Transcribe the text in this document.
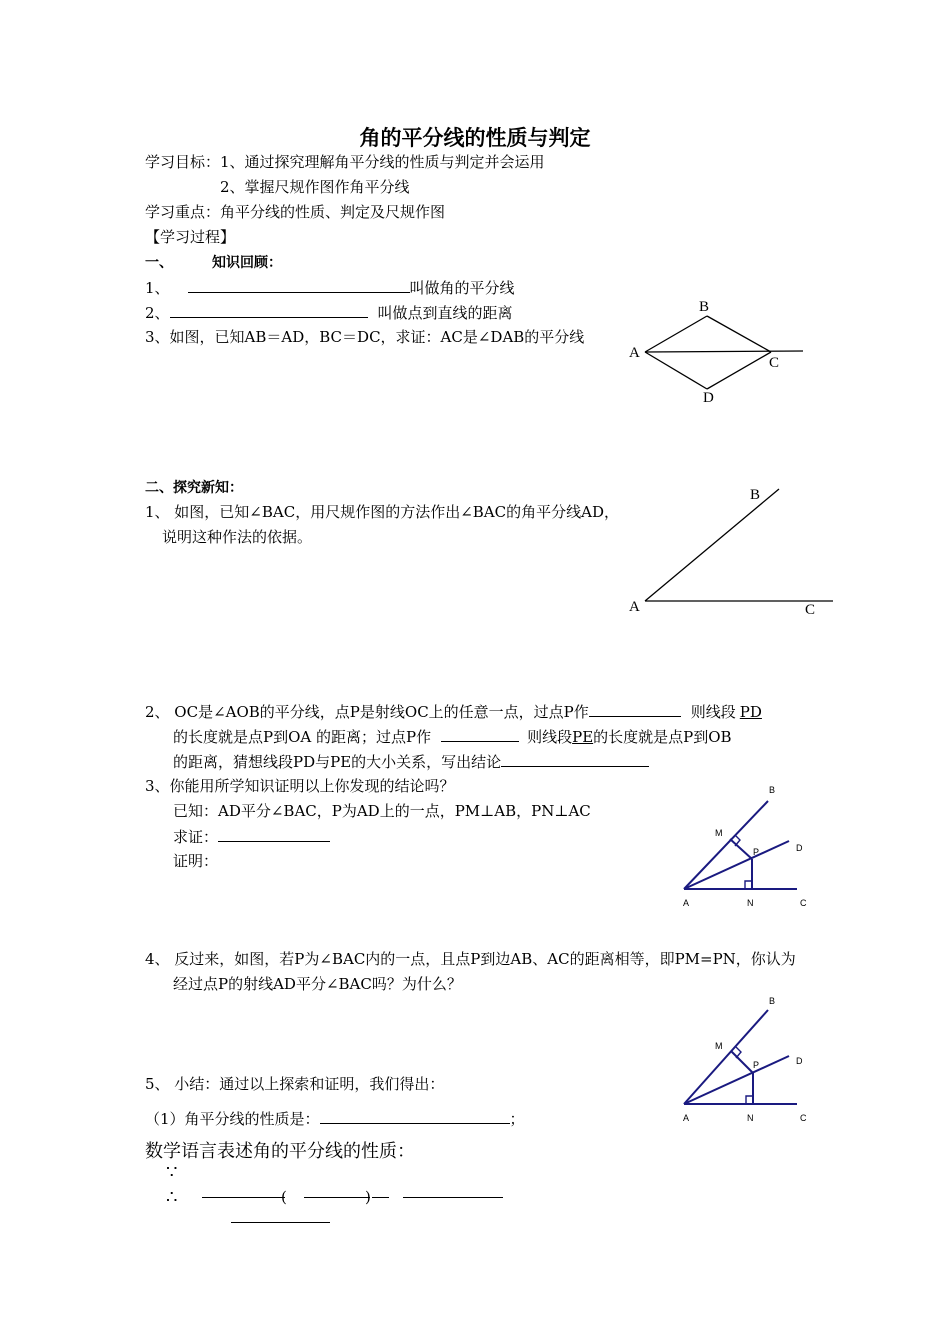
角的平分线的性质与判定
学习目标：1、通过探究理解角平分线的性质与判定并会运用
2、掌握尺规作图作角平分线
学习重点：角平分线的性质、判定及尺规作图
【学习过程】
一、	知识回顾：
1、	叫做角的平分线
2、	叫做点到直线的距离
3、如图，已知AB＝AD，BC＝DC，求证：AC是∠DAB的平分线
B
A
C
D
B
A	C
B
M
P	D
A	N	C
B
M
P	D
A	N	C
二、探究新知：
1、 如图，已知∠BAC，用尺规作图的方法作出∠BAC的角平分线AD，
说明这种作法的依据。
2、 OC是∠AOB的平分线，点P是射线OC上的任意一点，过点P作	则线段 PD
的长度就是点P到OA 的距离；过点P作	则线段PE的长度就是点P到OB
的距离，猜想线段PD与PE的大小关系，写出结论
3、你能用所学知识证明以上你发现的结论吗？
已知：AD平分∠BAC，P为AD上的一点，PM⊥AB，PN⊥AC
求证：
证明：
4、 反过来，如图，若P为∠BAC内的一点，且点P到边AB、AC的距离相等，即PM=PN，你认为
经过点P的射线AD平分∠BAC吗？为什么？
5、 小结：通过以上探索和证明，我们得出：
（1）角平分线的性质是：	；
数学语言表述角的平分线的性质：
∵
∴	(	)
